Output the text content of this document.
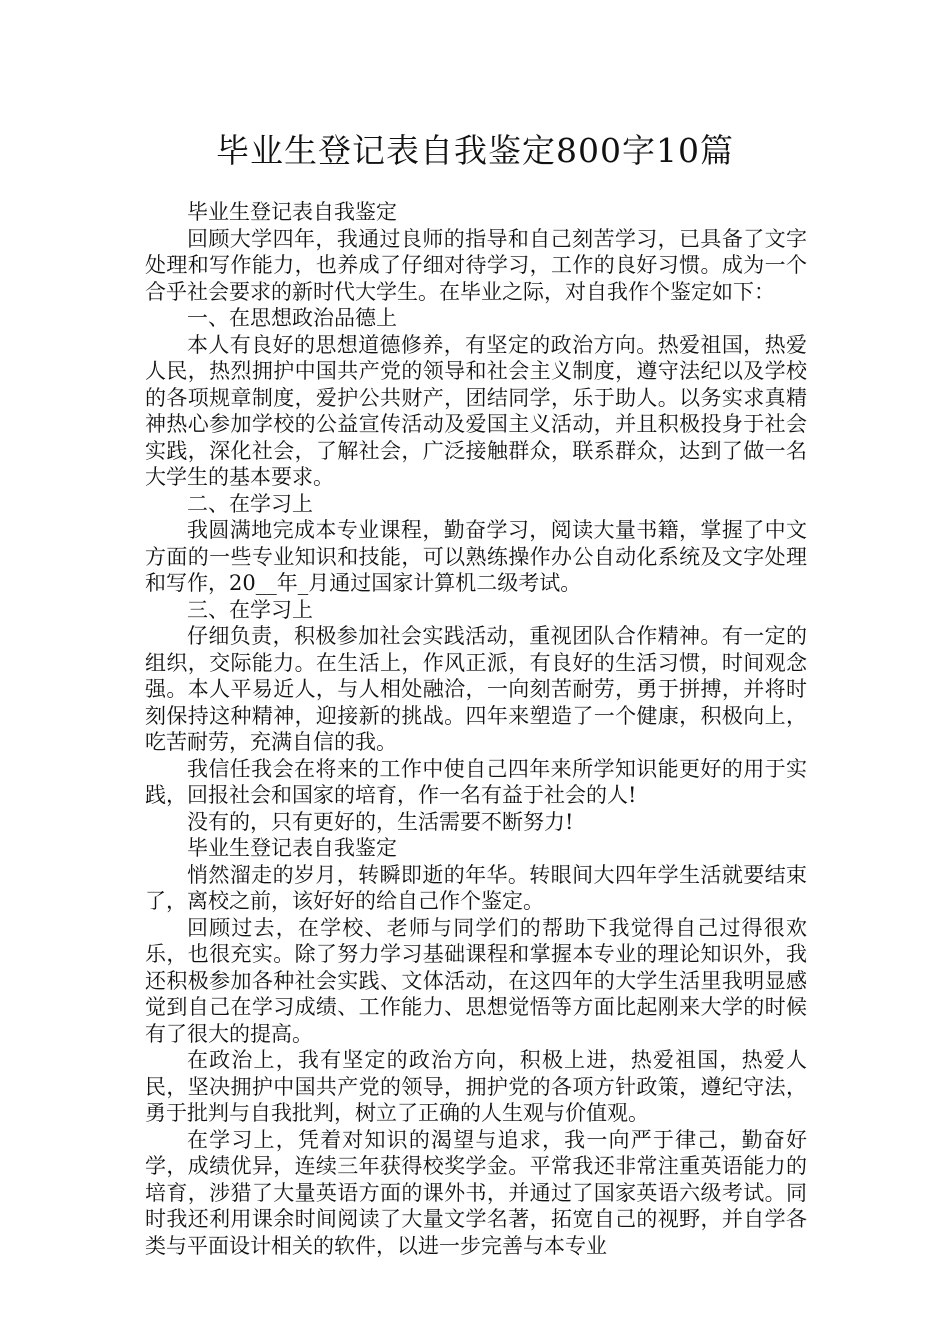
毕业生登记表自我鉴定800字10篇

毕业生登记表自我鉴定

回顾大学四年，我通过良师的指导和自己刻苦学习，已具备了文字处理和写作能力，也养成了仔细对待学习，工作的良好习惯。成为一个合乎社会要求的新时代大学生。在毕业之际，对自我作个鉴定如下：

一、在思想政治品德上

本人有良好的思想道德修养，有坚定的政治方向。热爱祖国，热爱人民，热烈拥护中国共产党的领导和社会主义制度，遵守法纪以及学校的各项规章制度，爱护公共财产，团结同学，乐于助人。以务实求真精神热心参加学校的公益宣传活动及爱国主义活动，并且积极投身于社会实践，深化社会，了解社会，广泛接触群众，联系群众，达到了做一名大学生的基本要求。

二、在学习上

我圆满地完成本专业课程，勤奋学习，阅读大量书籍，掌握了中文方面的一些专业知识和技能，可以熟练操作办公自动化系统及文字处理和写作，20__年_月通过国家计算机二级考试。

三、在学习上

仔细负责，积极参加社会实践活动，重视团队合作精神。有一定的组织，交际能力。在生活上，作风正派，有良好的生活习惯，时间观念强。本人平易近人，与人相处融洽，一向刻苦耐劳，勇于拼搏，并将时刻保持这种精神，迎接新的挑战。四年来塑造了一个健康，积极向上，吃苦耐劳，充满自信的我。

我信任我会在将来的工作中使自己四年来所学知识能更好的用于实践，回报社会和国家的培育，作一名有益于社会的人!

没有的，只有更好的，生活需要不断努力!

毕业生登记表自我鉴定

悄然溜走的岁月，转瞬即逝的年华。转眼间大四年学生活就要结束了，离校之前，该好好的给自己作个鉴定。

回顾过去，在学校、老师与同学们的帮助下我觉得自己过得很欢乐，也很充实。除了努力学习基础课程和掌握本专业的理论知识外，我还积极参加各种社会实践、文体活动，在这四年的大学生活里我明显感觉到自己在学习成绩、工作能力、思想觉悟等方面比起刚来大学的时候有了很大的提高。

在政治上，我有坚定的政治方向，积极上进，热爱祖国，热爱人民，坚决拥护中国共产党的领导，拥护党的各项方针政策，遵纪守法，勇于批判与自我批判，树立了正确的人生观与价值观。

在学习上，凭着对知识的渴望与追求，我一向严于律己，勤奋好学，成绩优异，连续三年获得校奖学金。平常我还非常注重英语能力的培育，涉猎了大量英语方面的课外书，并通过了国家英语六级考试。同时我还利用课余时间阅读了大量文学名著，拓宽自己的视野，并自学各类与平面设计相关的软件，以进一步完善与本专业
